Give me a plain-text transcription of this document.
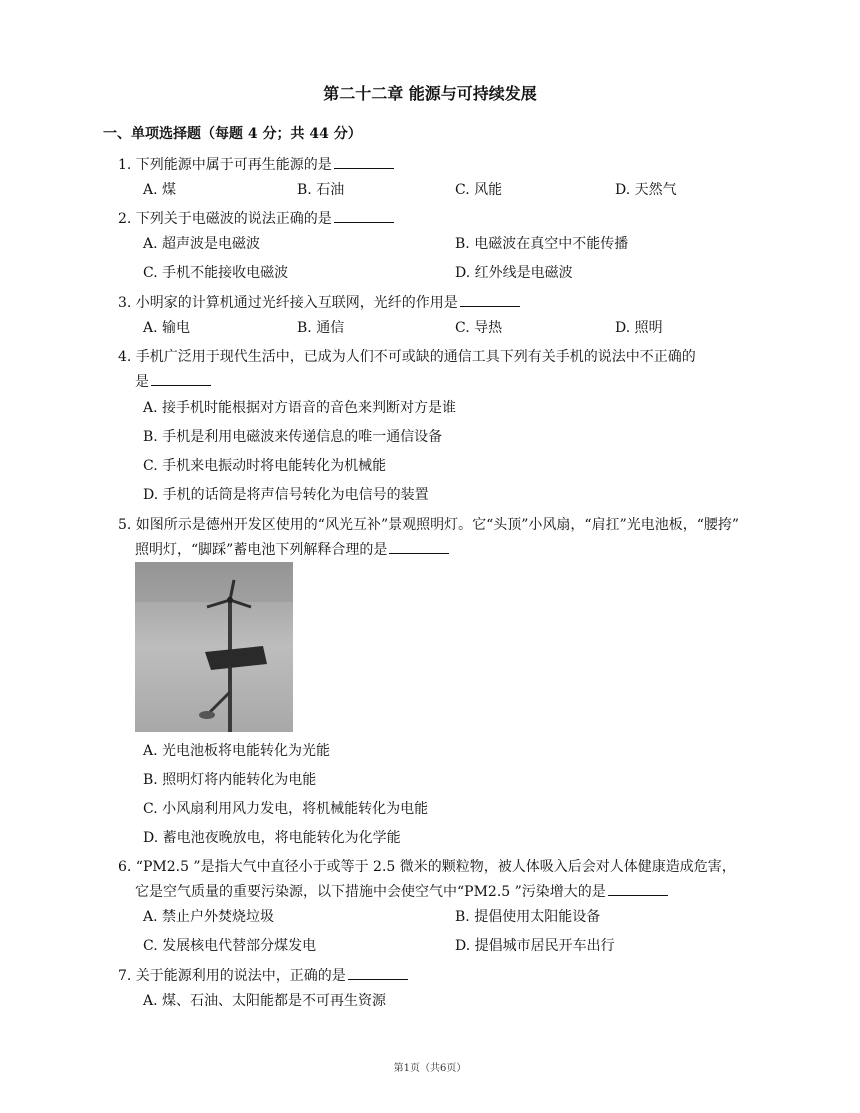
第二十二章 能源与可持续发展
一、单项选择题（每题 4 分；共 44 分）
1. 下列能源中属于可再生能源的是
A. 煤	B. 石油	C. 风能	D. 天然气
2. 下列关于电磁波的说法正确的是
A. 超声波是电磁波	B. 电磁波在真空中不能传播
C. 手机不能接收电磁波	D. 红外线是电磁波
3. 小明家的计算机通过光纤接入互联网，光纤的作用是
A. 输电	B. 通信	C. 导热	D. 照明
4. 手机广泛用于现代生活中，已成为人们不可或缺的通信工具下列有关手机的说法中不正确的
是
A. 接手机时能根据对方语音的音色来判断对方是谁
B. 手机是利用电磁波来传递信息的唯一通信设备
C. 手机来电振动时将电能转化为机械能
D. 手机的话筒是将声信号转化为电信号的装置
5. 如图所示是德州开发区使用的“风光互补”景观照明灯。它“头顶”小风扇，“肩扛”光电池板，“腰挎”
照明灯，“脚踩”蓄电池下列解释合理的是
A. 光电池板将电能转化为光能
B. 照明灯将内能转化为电能
C. 小风扇利用风力发电，将机械能转化为电能
D. 蓄电池夜晚放电，将电能转化为化学能
6. “PM2.5 ”是指大气中直径小于或等于 2.5 微米的颗粒物，被人体吸入后会对人体健康造成危害，
它是空气质量的重要污染源，以下措施中会使空气中“PM2.5 ”污染增大的是
A. 禁止户外焚烧垃圾	B. 提倡使用太阳能设备
C. 发展核电代替部分煤发电	D. 提倡城市居民开车出行
7. 关于能源利用的说法中，正确的是
A. 煤、石油、太阳能都是不可再生资源
第1页（共6页）
